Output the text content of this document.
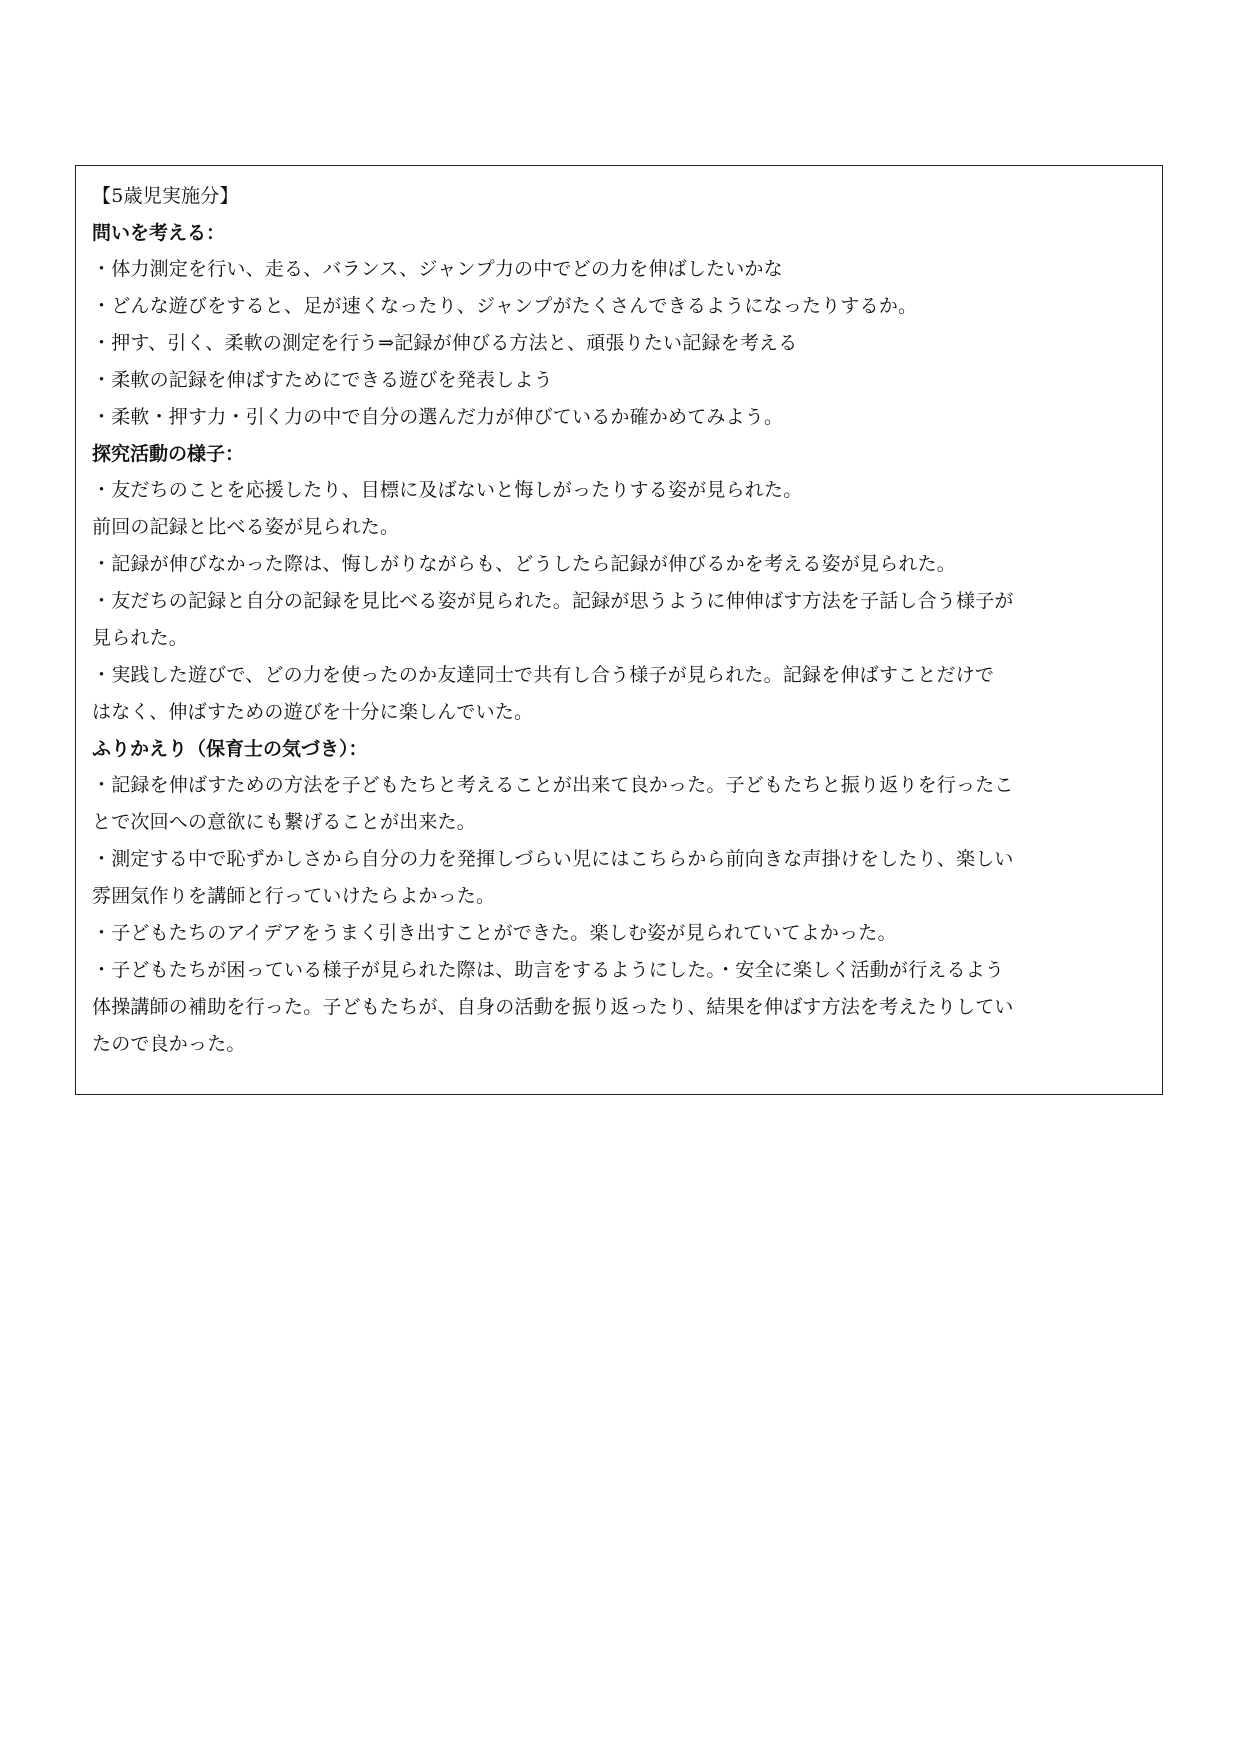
【5歳児実施分】
問いを考える：
・体力測定を行い、走る、バランス、ジャンプ力の中でどの力を伸ばしたいかな
・どんな遊びをすると、足が速くなったり、ジャンプがたくさんできるようになったりするか。
・押す、引く、柔軟の測定を行う⇒記録が伸びる方法と、頑張りたい記録を考える
・柔軟の記録を伸ばすためにできる遊びを発表しよう
・柔軟・押す力・引く力の中で自分の選んだ力が伸びているか確かめてみよう。
探究活動の様子：
・友だちのことを応援したり、目標に及ばないと悔しがったりする姿が見られた。
前回の記録と比べる姿が見られた。
・記録が伸びなかった際は、悔しがりながらも、どうしたら記録が伸びるかを考える姿が見られた。
・友だちの記録と自分の記録を見比べる姿が見られた。記録が思うように伸伸ばす方法を子話し合う様子が
見られた。
・実践した遊びで、どの力を使ったのか友達同士で共有し合う様子が見られた。記録を伸ばすことだけで
はなく、伸ばすための遊びを十分に楽しんでいた。
ふりかえり（保育士の気づき）：
・記録を伸ばすための方法を子どもたちと考えることが出来て良かった。子どもたちと振り返りを行ったこ
とで次回への意欲にも繋げることが出来た。
・測定する中で恥ずかしさから自分の力を発揮しづらい児にはこちらから前向きな声掛けをしたり、楽しい
雰囲気作りを講師と行っていけたらよかった。
・子どもたちのアイデアをうまく引き出すことができた。楽しむ姿が見られていてよかった。
・子どもたちが困っている様子が見られた際は、助言をするようにした。・安全に楽しく活動が行えるよう
体操講師の補助を行った。子どもたちが、自身の活動を振り返ったり、結果を伸ばす方法を考えたりしてい
たので良かった。
